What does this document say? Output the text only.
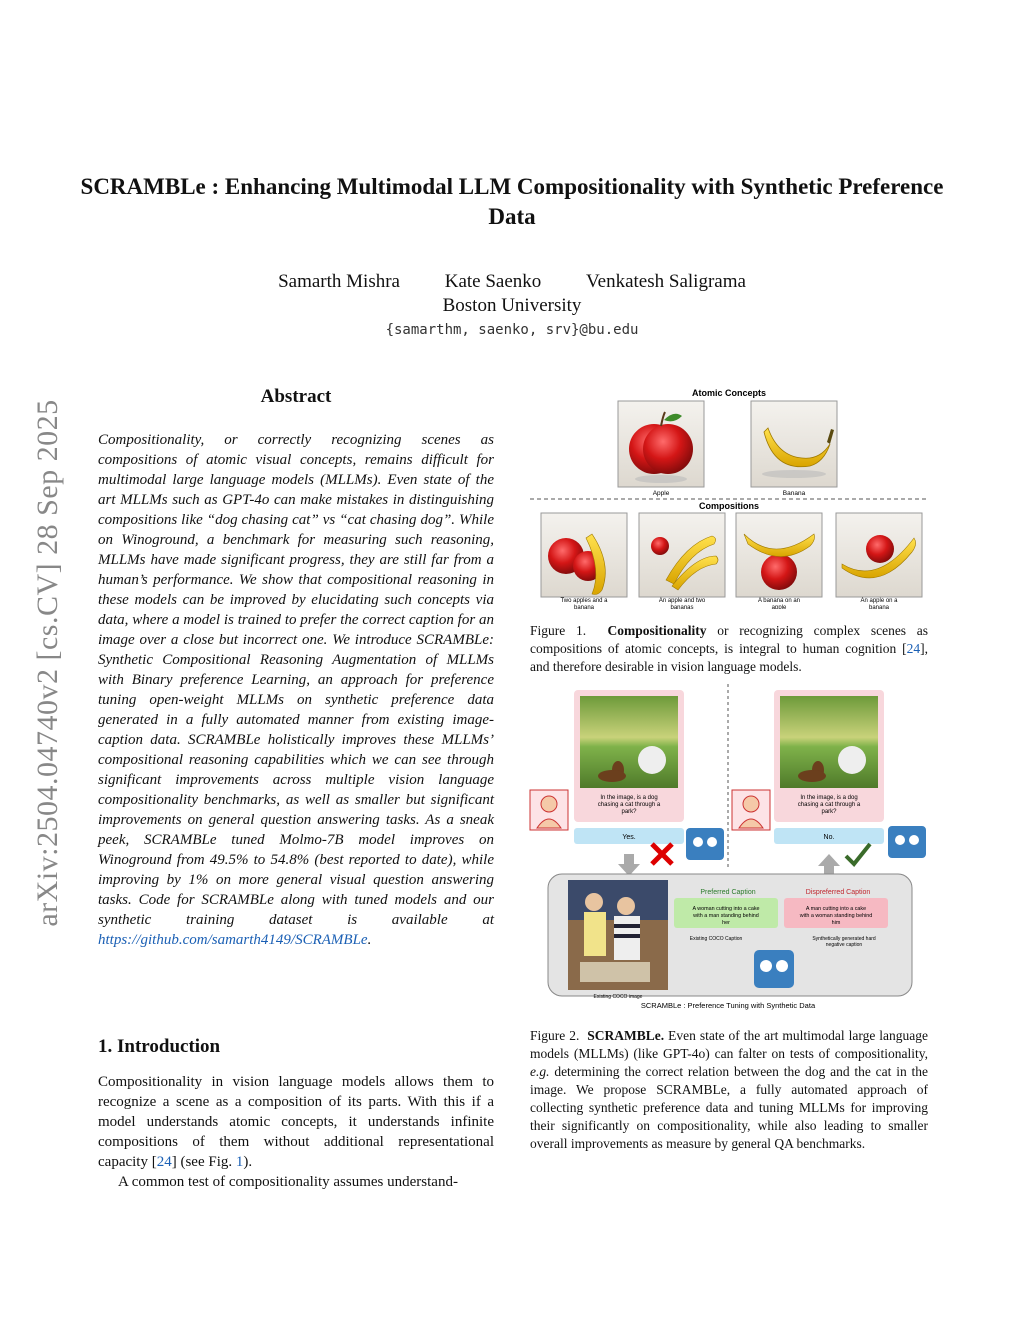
arXiv:2504.04740v2 [cs.CV] 28 Sep 2025
SCRAMBLe : Enhancing Multimodal LLM Compositionality with Synthetic Preference Data
Samarth Mishra Kate Saenko Venkatesh Saligrama
Boston University
{samarthm, saenko, srv}@bu.edu
Abstract
Compositionality, or correctly recognizing scenes as compositions of atomic visual concepts, remains difficult for multimodal large language models (MLLMs). Even state of the art MLLMs such as GPT-4o can make mistakes in distinguishing compositions like “dog chasing cat” vs “cat chasing dog”. While on Winoground, a benchmark for measuring such reasoning, MLLMs have made significant progress, they are still far from a human’s performance. We show that compositional reasoning in these models can be improved by elucidating such concepts via data, where a model is trained to prefer the correct caption for an image over a close but incorrect one. We introduce SCRAMBLe: Synthetic Compositional Reasoning Augmentation of MLLMs with Binary preference Learning, an approach for preference tuning open-weight MLLMs on synthetic preference data generated in a fully automated manner from existing image-caption data. SCRAMBLe holistically improves these MLLMs’ compositional reasoning capabilities which we can see through significant improvements across multiple vision language compositionality benchmarks, as well as smaller but significant improvements on general question answering tasks. As a sneak peek, SCRAMBLe tuned Molmo-7B model improves on Winoground from 49.5% to 54.8% (best reported to date), while improving by 1% on more general visual question answering tasks. Code for SCRAMBLe along with tuned models and our synthetic training dataset is available at https://github.com/samarth4149/SCRAMBLe.
1. Introduction

Compositionality in vision language models allows them to recognize a scene as a composition of its parts. With this if a model understands atomic concepts, it understands infinite compositions of them without additional representational capacity [24] (see Fig. 1).

A common test of compositionality assumes understand-

Atomic Concepts
Apple	Banana
Compositions
Two apples and a banana
An apple and two bananas
A banana on an apple
An apple on a banana
Figure 1. Compositionality or recognizing complex scenes as compositions of atomic concepts, is integral to human cognition [24], and therefore desirable in vision language models.
In the image, is a dog chasing a cat through a park?
Yes.
In the image, is a dog chasing a cat through a park?
No.
Existing COCO image
Preferred Caption
A woman cutting into a cake with a man standing behind her
Existing COCO Caption
Dispreferred Caption
A man cutting into a cake with a woman standing behind him
Synthetically generated hard negative caption
SCRAMBLe : Preference Tuning with Synthetic Data
Figure 2. SCRAMBLe. Even state of the art multimodal large language models (MLLMs) (like GPT-4o) can falter on tests of compositionality, e.g. determining the correct relation between the dog and the cat in the image. We propose SCRAMBLe, a fully automated approach of collecting synthetic preference data and tuning MLLMs for improving their significantly on compositionality, while also leading to smaller overall improvements as measure by general QA benchmarks.
